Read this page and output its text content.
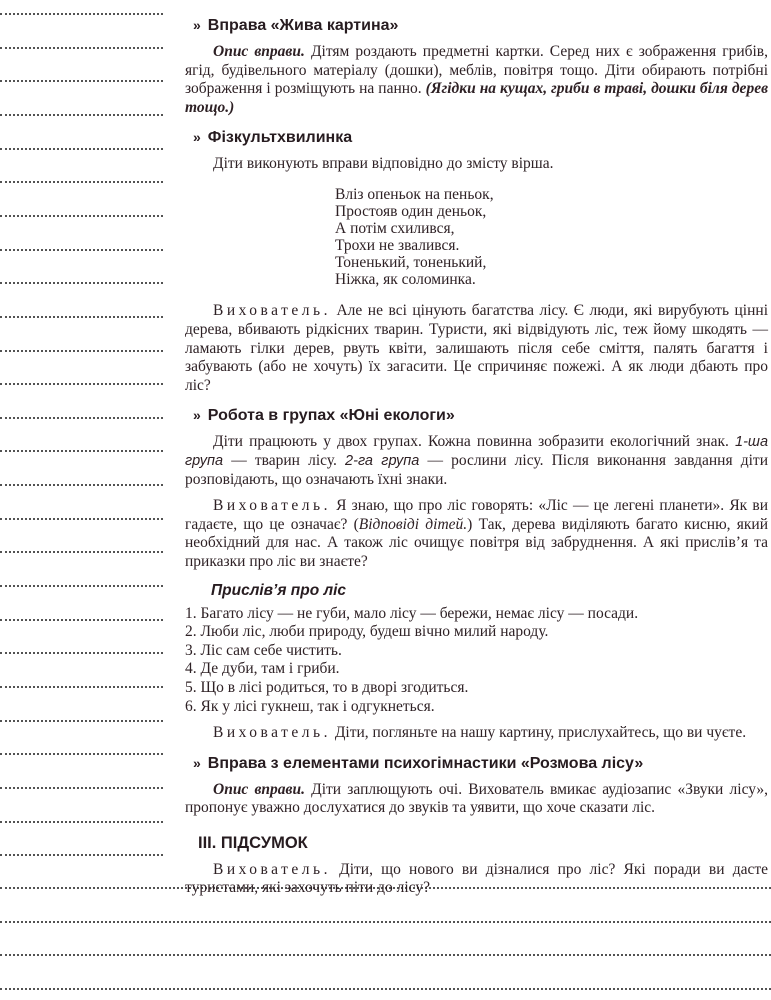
» Вправа «Жива картина»

Опис вправи. Дітям роздають предметні картки. Серед них є зображення грибів, ягід, будівельного матеріалу (дошки), меблів, повітря тощо. Діти обирають потрібні зображення і розміщують на панно. (Ягідки на кущах, гриби в траві, дошки біля дерев тощо.)

» Фізкультхвилинка

Діти виконують вправи відповідно до змісту вірша.

Вліз опеньок на пеньок,
Простояв один деньок,
А потім схилився,
Трохи не звалився.
Тоненький, тоненький,
Ніжка, як соломинка.

Вихователь. Але не всі цінують багатства лісу. Є люди, які вирубують цінні дерева, вбивають рідкісних тварин. Туристи, які відвідують ліс, теж йому шкодять — ламають гілки дерев, рвуть квіти, залишають після себе сміття, палять багаття і забувають (або не хочуть) їх загасити. Це спричиняє пожежі. А як люди дбають про ліс?

» Робота в групах «Юні екологи»

Діти працюють у двох групах. Кожна повинна зобразити екологічний знак. 1-ша група — тварин лісу. 2-га група — рослини лісу. Після виконання завдання діти розповідають, що означають їхні знаки.

Вихователь. Я знаю, що про ліс говорять: «Ліс — це легені планети». Як ви гадаєте, що це означає? (Відповіді дітей.) Так, дерева виділяють багато кисню, який необхідний для нас. А також ліс очищує повітря від забруднення. А які прислів’я та приказки про ліс ви знаєте?

Прислів’я про ліс
1. Багато лісу — не губи, мало лісу — бережи, немає лісу — посади.
2. Люби ліс, люби природу, будеш вічно милий народу.
3. Ліс сам себе чистить.
4. Де дуби, там і гриби.
5. Що в лісі родиться, то в дворі згодиться.
6. Як у лісі гукнеш, так і одгукнеться.

Вихователь. Діти, погляньте на нашу картину, прислухайтесь, що ви чуєте.

» Вправа з елементами психогімнастики «Розмова лісу»

Опис вправи. Діти заплющують очі. Вихователь вмикає аудіозапис «Звуки лісу», пропонує уважно дослухатися до звуків та уявити, що хоче сказати ліс.

ІІІ. ПІДСУМОК

Вихователь. Діти, що нового ви дізналися про ліс? Які поради ви дасте туристами, які захочуть піти до лісу?
